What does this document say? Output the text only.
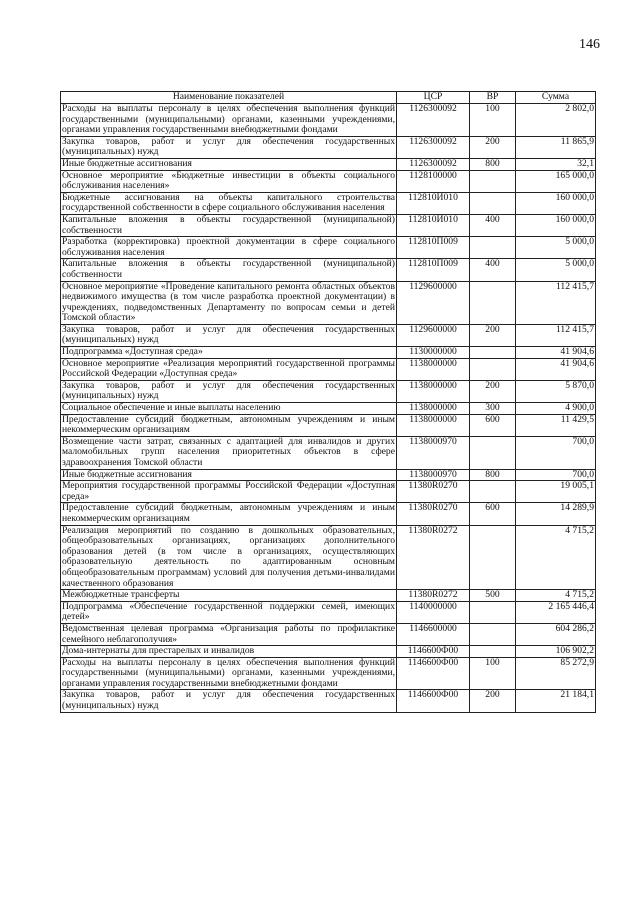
146
Наименование показателей	ЦСР	ВР	Сумма
Расходы на выплаты персоналу в целях обеспечения выполнения функций государственными (муниципальными) органами, казенными учреждениями, органами управления государственными внебюджетными фондами	1126300092	100	2 802,0
Закупка товаров, работ и услуг для обеспечения государственных (муниципальных) нужд	1126300092	200	11 865,9
Иные бюджетные ассигнования	1126300092	800	32,1
Основное мероприятие «Бюджетные инвестиции в объекты социального обслуживания населения»	1128100000		165 000,0
Бюджетные ассигнования на объекты капитального строительства государственной собственности в сфере социального обслуживания населения	112810И010		160 000,0
Капитальные вложения в объекты государственной (муниципальной) собственности	112810И010	400	160 000,0
Разработка (корректировка) проектной документации в сфере социального обслуживания населения	112810П009		5 000,0
Капитальные вложения в объекты государственной (муниципальной) собственности	112810П009	400	5 000,0
Основное мероприятие «Проведение капитального ремонта областных объектов недвижимого имущества (в том числе разработка проектной документации) в учреждениях, подведомственных Департаменту по вопросам семьи и детей Томской области»	1129600000		112 415,7
Закупка товаров, работ и услуг для обеспечения государственных (муниципальных) нужд	1129600000	200	112 415,7
Подпрограмма «Доступная среда»	1130000000		41 904,6
Основное мероприятие «Реализация мероприятий государственной программы Российской Федерации «Доступная среда»	1138000000		41 904,6
Закупка товаров, работ и услуг для обеспечения государственных (муниципальных) нужд	1138000000	200	5 870,0
Социальное обеспечение и иные выплаты населению	1138000000	300	4 900,0
Предоставление субсидий бюджетным, автономным учреждениям и иным некоммерческим организациям	1138000000	600	11 429,5
Возмещение части затрат, связанных с адаптацией для инвалидов и других маломобильных групп населения приоритетных объектов в сфере здравоохранения Томской области	1138000970		700,0
Иные бюджетные ассигнования	1138000970	800	700,0
Мероприятия государственной программы Российской Федерации «Доступная среда»	11380R0270		19 005,1
Предоставление субсидий бюджетным, автономным учреждениям и иным некоммерческим организациям	11380R0270	600	14 289,9
Реализация мероприятий по созданию в дошкольных образовательных, общеобразовательных организациях, организациях дополнительного образования детей (в том числе в организациях, осуществляющих образовательную деятельность по адаптированным основным общеобразовательным программам) условий для получения детьми-инвалидами качественного образования	11380R0272		4 715,2
Межбюджетные трансферты	11380R0272	500	4 715,2
Подпрограмма «Обеспечение государственной поддержки семей, имеющих детей»	1140000000		2 165 446,4
Ведомственная целевая программа «Организация работы по профилактике семейного неблагополучия»	1146600000		604 286,2
Дома-интернаты для престарелых и инвалидов	1146600Ф00		106 902,2
Расходы на выплаты персоналу в целях обеспечения выполнения функций государственными (муниципальными) органами, казенными учреждениями, органами управления государственными внебюджетными фондами	1146600Ф00	100	85 272,9
Закупка товаров, работ и услуг для обеспечения государственных (муниципальных) нужд	1146600Ф00	200	21 184,1
